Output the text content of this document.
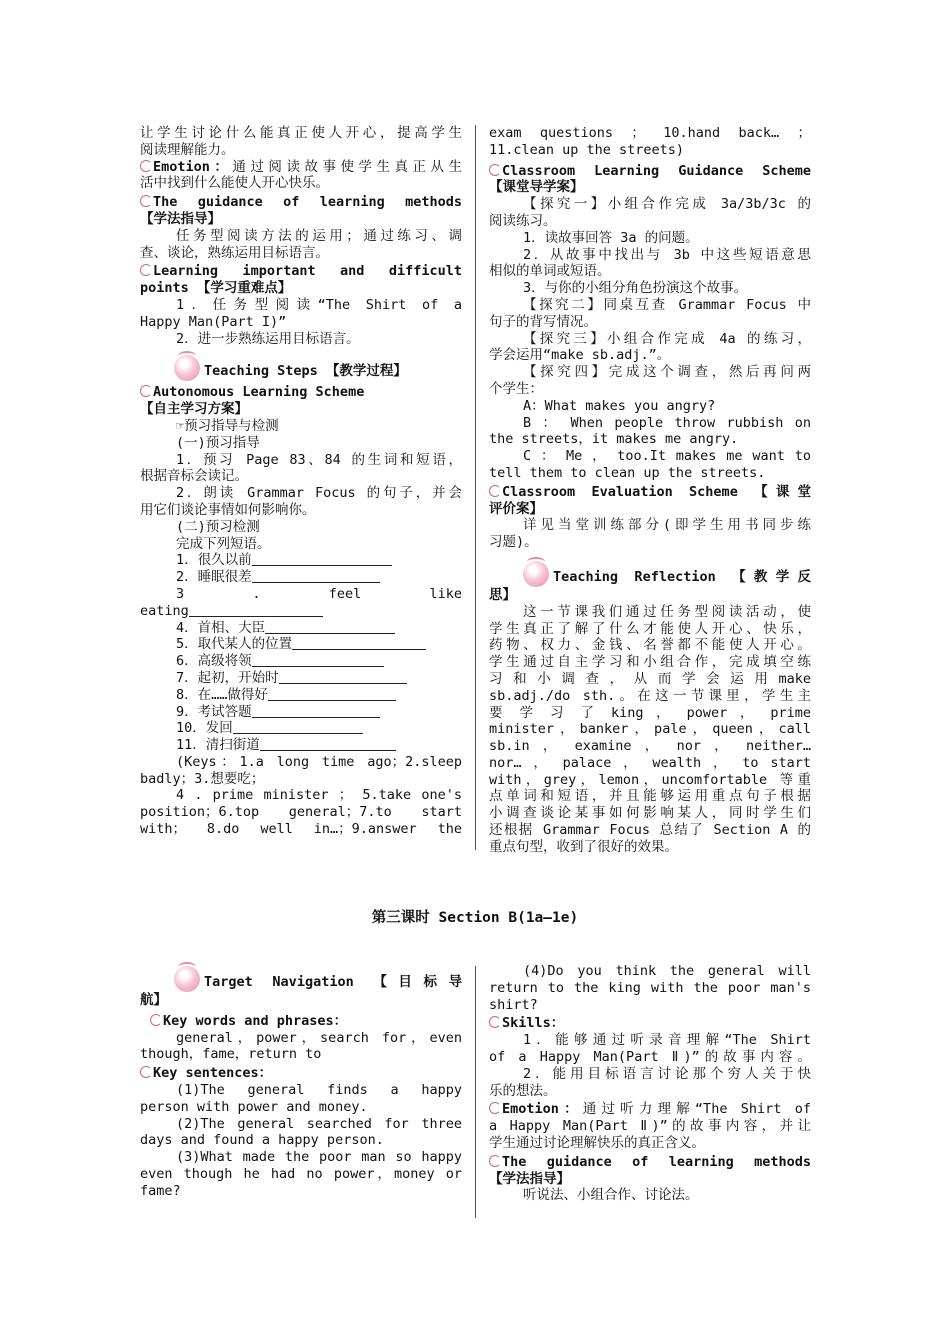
让学生讨论什么能真正使人开心，提高学生

阅读理解能力。

Emotion：通过阅读故事使学生真正从生

活中找到什么能使人开心快乐。

The guidance of learning methods

【学法指导】

任务型阅读方法的运用；通过练习、调

查、谈论，熟练运用目标语言。

Learning important and difficult

points 【学习重难点】

1．任务型阅读“The Shirt of a

Happy Man(Part I)”

2．进一步熟练运用目标语言。

Teaching Steps 【教学过程】

Autonomous Learning Scheme

【自主学习方案】

☞预习指导与检测

(一)预习指导

1．预习 Page 83、84 的生词和短语，

根据音标会读记。

2．朗读 Grammar Focus 的句子，并会

用它们谈论事情如何影响你。

(二)预习检测

完成下列短语。

1．很久以前

2．睡眠很差

3 . feel like

eating

4．首相、大臣

5．取代某人的位置

6．高级将领

7．起初，开始时

8．在……做得好

9．考试答题

10．发回

11．清扫街道

(Keys：1.a long time ago；2.sleep

badly；3.想要吃；

4 . prime minister ； 5.take one's

position；6.top general；7.to start

with； 8.do well in…；9.answer the

exam questions ； 10.hand back… ；

11.clean up the streets)

Classroom Learning Guidance Scheme

【课堂导学案】

【探究一】小组合作完成 3a/3b/3c 的

阅读练习。

1．读故事回答 3a 的问题。

2．从故事中找出与 3b 中这些短语意思

相似的单词或短语。

3．与你的小组分角色扮演这个故事。

【探究二】同桌互查 Grammar Focus 中

句子的背写情况。

【探究三】小组合作完成 4a 的练习，

学会运用“make sb.adj.”。

【探究四】完成这个调查，然后再问两

个学生：

A：What makes you angry?

B ： When people throw rubbish on

the streets，it makes me angry.

C ： Me ， too.It makes me want to

tell them to clean up the streets.

Classroom Evaluation Scheme 【课堂

评价案】

详见当堂训练部分(即学生用书同步练

习题)。

Teaching Reflection 【教学反

思】

这一节课我们通过任务型阅读活动，使

学生真正了解了什么才能使人开心、快乐，

药物、权力、金钱、名誉都不能使人开心。

学生通过自主学习和小组合作，完成填空练

习 和 小 调 查 ， 从 而 学 会 运 用 make

sb.adj./do sth.。在这一节课里，学生主

要 学 习 了 king ， power ， prime

minister，banker，pale，queen，call

sb.in ， examine ， nor ， neither…

nor… ， palace ， wealth ， to start

with，grey，lemon，uncomfortable 等重

点单词和短语，并且能够运用重点句子根据

小调查谈论某事如何影响某人，同时学生们

还根据 Grammar Focus 总结了 Section A 的

重点句型，收到了很好的效果。

第三课时 Section B(1a—1e)

Target Navigation 【目标导

航】

Key words and phrases：

general，power，search for，even

though，fame，return to

Key sentences：

(1)The general finds a happy

person with power and money.

(2)The general searched for three

days and found a happy person.

(3)What made the poor man so happy

even though he had no power，money or

fame?

(4)Do you think the general will

return to the king with the poor man's

shirt?

Skills：

1．能够通过听录音理解“The Shirt

of a Happy Man(Part Ⅱ)”的故事内容。

2．能用目标语言讨论那个穷人关于快

乐的想法。

Emotion：通过听力理解“The Shirt of

a Happy Man(Part Ⅱ)”的故事内容，并让

学生通过讨论理解快乐的真正含义。

The guidance of learning methods

【学法指导】

听说法、小组合作、讨论法。
